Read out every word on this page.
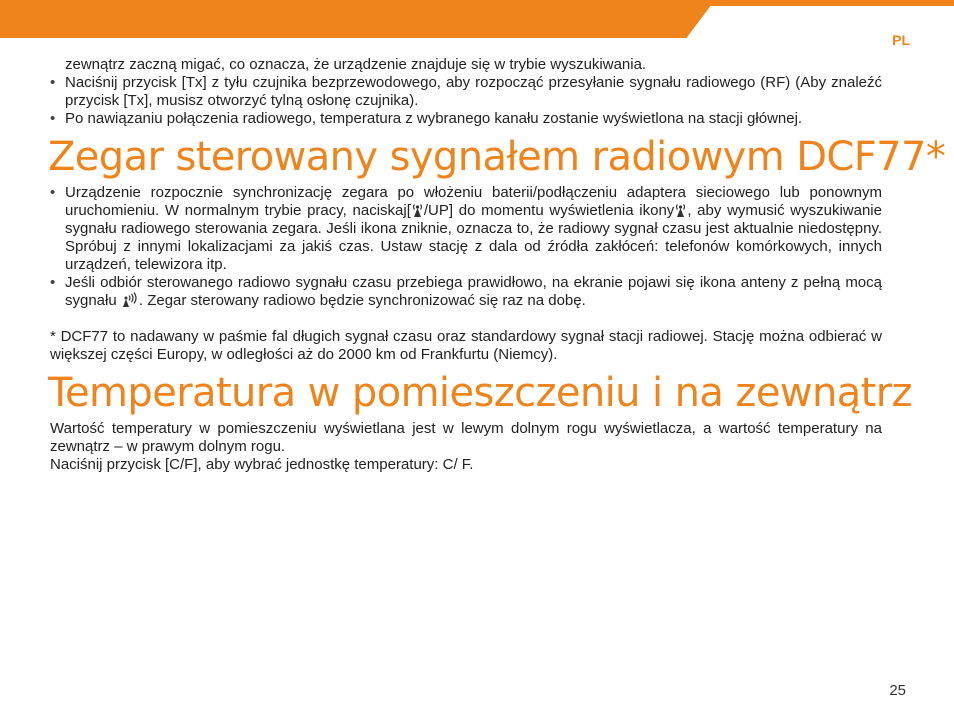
PL

zewnątrz zaczną migać, co oznacza, że urządzenie znajduje się w trybie wyszukiwania.

• Naciśnij przycisk [Tx] z tyłu czujnika bezprzewodowego, aby rozpocząć przesyłanie sygnału radiowego (RF) (Aby znaleźć przycisk [Tx], musisz otworzyć tylną osłonę czujnika).

• Po nawiązaniu połączenia radiowego, temperatura z wybranego kanału zostanie wyświetlona na stacji głównej.

Zegar sterowany sygnałem radiowym DCF77*

• Urządzenie rozpocznie synchronizację zegara po włożeniu baterii/podłączeniu adaptera sieciowego lub ponownym uruchomieniu. W normalnym trybie pracy, naciskaj[ /UP] do momentu wyświetlenia ikony , aby wymusić wyszukiwanie sygnału radiowego sterowania zegara. Jeśli ikona zniknie, oznacza to, że radiowy sygnał czasu jest aktualnie niedostępny. Spróbuj z innymi lokalizacjami za jakiś czas. Ustaw stację z dala od źródła zakłóceń: telefonów komórkowych, innych urządzeń, telewizora itp.

• Jeśli odbiór sterowanego radiowo sygnału czasu przebiega prawidłowo, na ekranie pojawi się ikona anteny z pełną mocą sygnału . Zegar sterowany radiowo będzie synchronizować się raz na dobę.

* DCF77 to nadawany w paśmie fal długich sygnał czasu oraz standardowy sygnał stacji radiowej. Stację można odbierać w większej części Europy, w odległości aż do 2000 km od Frankfurtu (Niemcy).

Temperatura w pomieszczeniu i na zewnątrz

Wartość temperatury w pomieszczeniu wyświetlana jest w lewym dolnym rogu wyświetlacza, a wartość temperatury na zewnątrz – w prawym dolnym rogu.

Naciśnij przycisk [C/F], aby wybrać jednostkę temperatury: C/ F.

25
